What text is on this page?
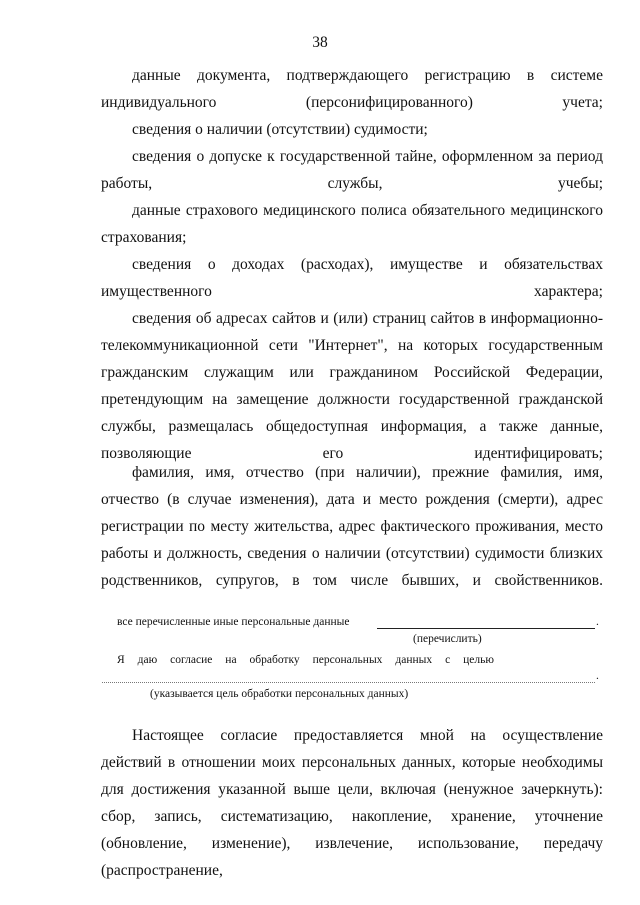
38
данные документа, подтверждающего регистрацию в системе индивидуального (персонифицированного) учета;
сведения о наличии (отсутствии) судимости;
сведения о допуске к государственной тайне, оформленном за период работы, службы, учебы;
данные страхового медицинского полиса обязательного медицинского страхования;
сведения о доходах (расходах), имуществе и обязательствах имущественного характера;
сведения об адресах сайтов и (или) страниц сайтов в информационно-телекоммуникационной сети "Интернет", на которых государственным гражданским служащим или гражданином Российской Федерации, претендующим на замещение должности государственной гражданской службы, размещалась общедоступная информация, а также данные, позволяющие его идентифицировать;
фамилия, имя, отчество (при наличии), прежние фамилия, имя, отчество (в случае изменения), дата и место рождения (смерти), адрес регистрации по месту жительства, адрес фактического проживания, место работы и должность, сведения о наличии (отсутствии) судимости близких родственников, супругов, в том числе бывших, и свойственников.
все перечисленные иные персональные данные	.
(перечислить)
Я даю согласие на обработку персональных данных с целью
.
(указывается цель обработки персональных данных)
Настоящее согласие предоставляется мной на осуществление действий в отношении моих персональных данных, которые необходимы для достижения указанной выше цели, включая (ненужное зачеркнуть): сбор, запись, систематизацию, накопление, хранение, уточнение (обновление, изменение), извлечение, использование, передачу (распространение,
